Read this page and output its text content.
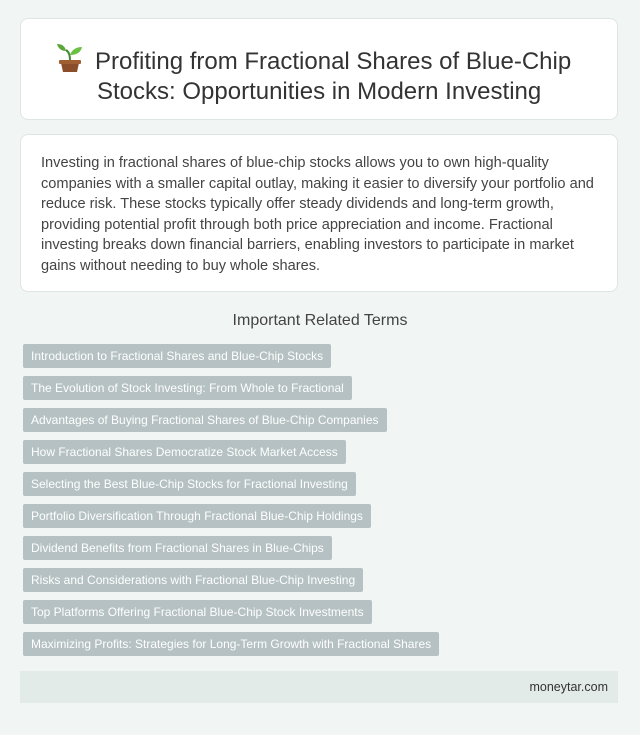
Profiting from Fractional Shares of Blue-Chip Stocks: Opportunities in Modern Investing

Investing in fractional shares of blue-chip stocks allows you to own high-quality companies with a smaller capital outlay, making it easier to diversify your portfolio and reduce risk. These stocks typically offer steady dividends and long-term growth, providing potential profit through both price appreciation and income. Fractional investing breaks down financial barriers, enabling investors to participate in market gains without needing to buy whole shares.

Important Related Terms
Introduction to Fractional Shares and Blue-Chip Stocks
The Evolution of Stock Investing: From Whole to Fractional
Advantages of Buying Fractional Shares of Blue-Chip Companies
How Fractional Shares Democratize Stock Market Access
Selecting the Best Blue-Chip Stocks for Fractional Investing
Portfolio Diversification Through Fractional Blue-Chip Holdings
Dividend Benefits from Fractional Shares in Blue-Chips
Risks and Considerations with Fractional Blue-Chip Investing
Top Platforms Offering Fractional Blue-Chip Stock Investments
Maximizing Profits: Strategies for Long-Term Growth with Fractional Shares
moneytar.com
